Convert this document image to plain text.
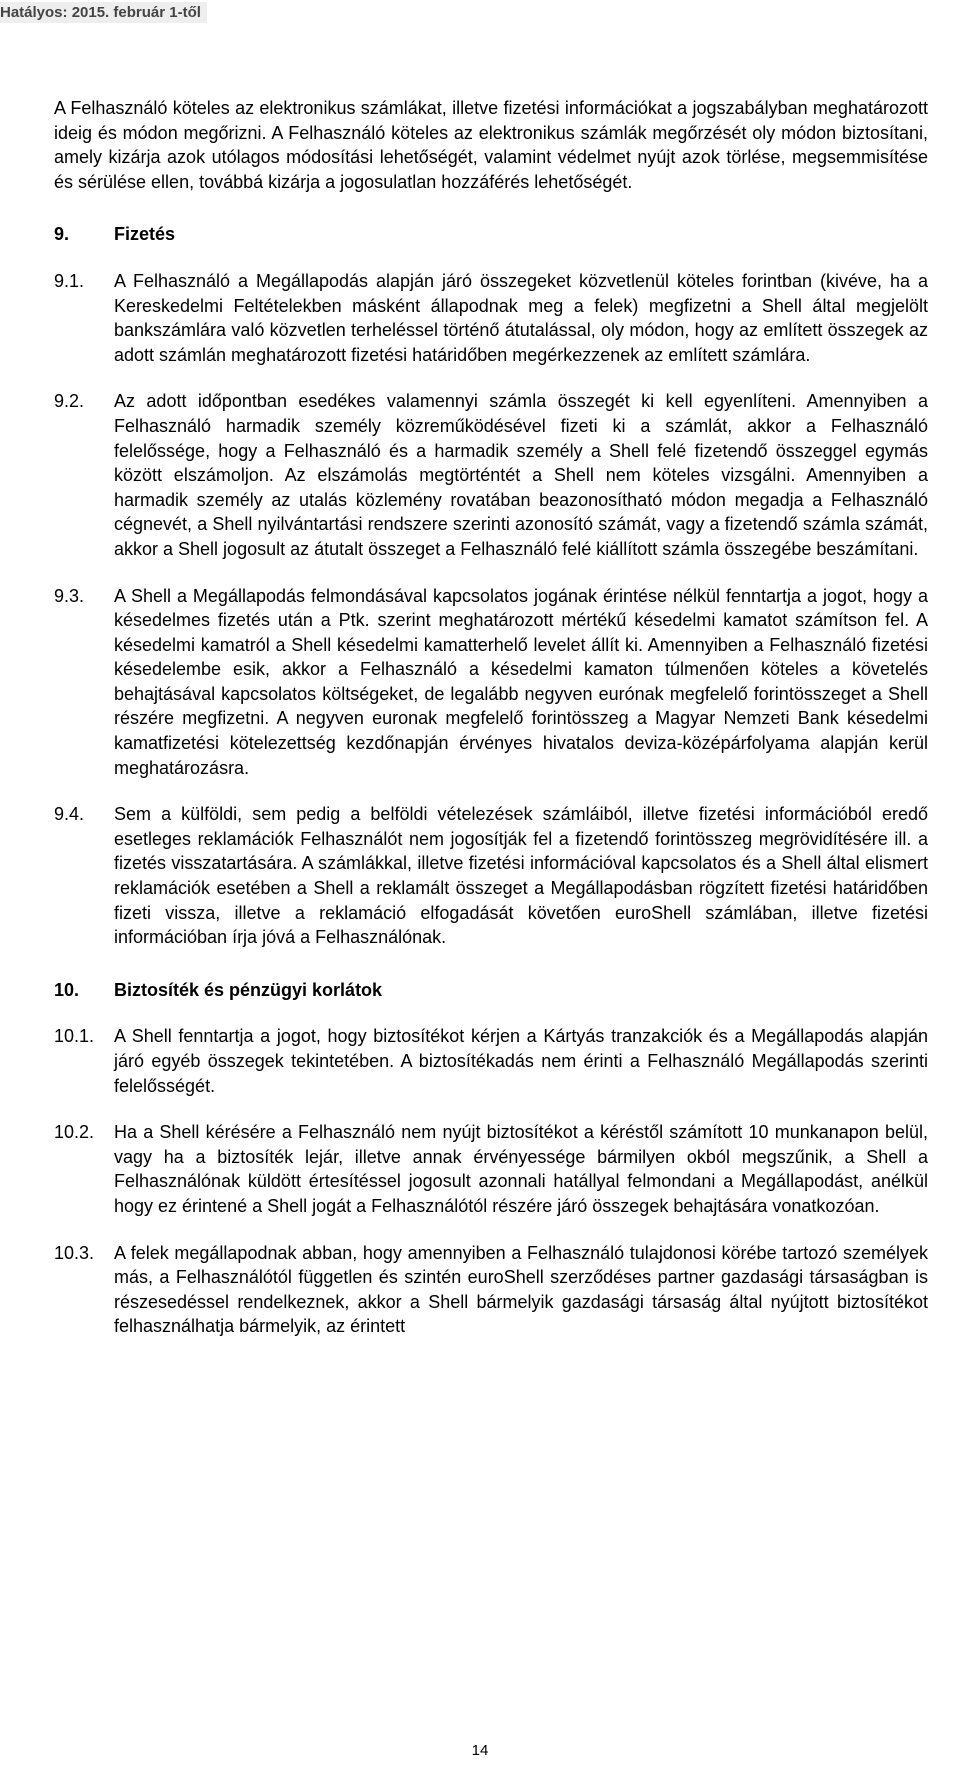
Hatályos: 2015. február 1-től

A Felhasználó köteles az elektronikus számlákat, illetve fizetési információkat a jogszabályban meghatározott ideig és módon megőrizni. A Felhasználó köteles az elektronikus számlák megőrzését oly módon biztosítani, amely kizárja azok utólagos módosítási lehetőségét, valamint védelmet nyújt azok törlése, megsemmisítése és sérülése ellen, továbbá kizárja a jogosulatlan hozzáférés lehetőségét.

9.	Fizetés
9.1.	A Felhasználó a Megállapodás alapján járó összegeket közvetlenül köteles forintban (kivéve, ha a Kereskedelmi Feltételekben másként állapodnak meg a felek) megfizetni a Shell által megjelölt bankszámlára való közvetlen terheléssel történő átutalással, oly módon, hogy az említett összegek az adott számlán meghatározott fizetési határidőben megérkezzenek az említett számlára.
9.2.	Az adott időpontban esedékes valamennyi számla összegét ki kell egyenlíteni. Amennyiben a Felhasználó harmadik személy közreműködésével fizeti ki a számlát, akkor a Felhasználó felelőssége, hogy a Felhasználó és a harmadik személy a Shell felé fizetendő összeggel egymás között elszámoljon. Az elszámolás megtörténtét a Shell nem köteles vizsgálni. Amennyiben a harmadik személy az utalás közlemény rovatában beazonosítható módon megadja a Felhasználó cégnevét, a Shell nyilvántartási rendszere szerinti azonosító számát, vagy a fizetendő számla számát, akkor a Shell jogosult az átutalt összeget a Felhasználó felé kiállított számla összegébe beszámítani.
9.3.	A Shell a Megállapodás felmondásával kapcsolatos jogának érintése nélkül fenntartja a jogot, hogy a késedelmes fizetés után a Ptk. szerint meghatározott mértékű késedelmi kamatot számítson fel. A késedelmi kamatról a Shell késedelmi kamatterhelő levelet állít ki. Amennyiben a Felhasználó fizetési késedelembe esik, akkor a Felhasználó a késedelmi kamaton túlmenően köteles a követelés behajtásával kapcsolatos költségeket, de legalább negyven eurónak megfelelő forintösszeget a Shell részére megfizetni. A negyven euronak megfelelő forintösszeg a Magyar Nemzeti Bank késedelmi kamatfizetési kötelezettség kezdőnapján érvényes hivatalos deviza-középárfolyama alapján kerül meghatározásra.
9.4.	Sem a külföldi, sem pedig a belföldi vételezések számláiból, illetve fizetési információból eredő esetleges reklamációk Felhasználót nem jogosítják fel a fizetendő forintösszeg megrövidítésére ill. a fizetés visszatartására. A számlákkal, illetve fizetési információval kapcsolatos és a Shell által elismert reklamációk esetében a Shell a reklamált összeget a Megállapodásban rögzített fizetési határidőben fizeti vissza, illetve a reklamáció elfogadását követően euroShell számlában, illetve fizetési információban írja jóvá a Felhasználónak.
10.	Biztosíték és pénzügyi korlátok
10.1.	A Shell fenntartja a jogot, hogy biztosítékot kérjen a Kártyás tranzakciók és a Megállapodás alapján járó egyéb összegek tekintetében. A biztosítékadás nem érinti a Felhasználó Megállapodás szerinti felelősségét.
10.2.	Ha a Shell kérésére a Felhasználó nem nyújt biztosítékot a kéréstől számított 10 munkanapon belül, vagy ha a biztosíték lejár, illetve annak érvényessége bármilyen okból megszűnik, a Shell a Felhasználónak küldött értesítéssel jogosult azonnali hatállyal felmondani a Megállapodást, anélkül hogy ez érintené a Shell jogát a Felhasználótól részére járó összegek behajtására vonatkozóan.
10.3.	A felek megállapodnak abban, hogy amennyiben a Felhasználó tulajdonosi körébe tartozó személyek más, a Felhasználótól független és szintén euroShell szerződéses partner gazdasági társaságban is részesedéssel rendelkeznek, akkor a Shell bármelyik gazdasági társaság által nyújtott biztosítékot felhasználhatja bármelyik, az érintett
14
